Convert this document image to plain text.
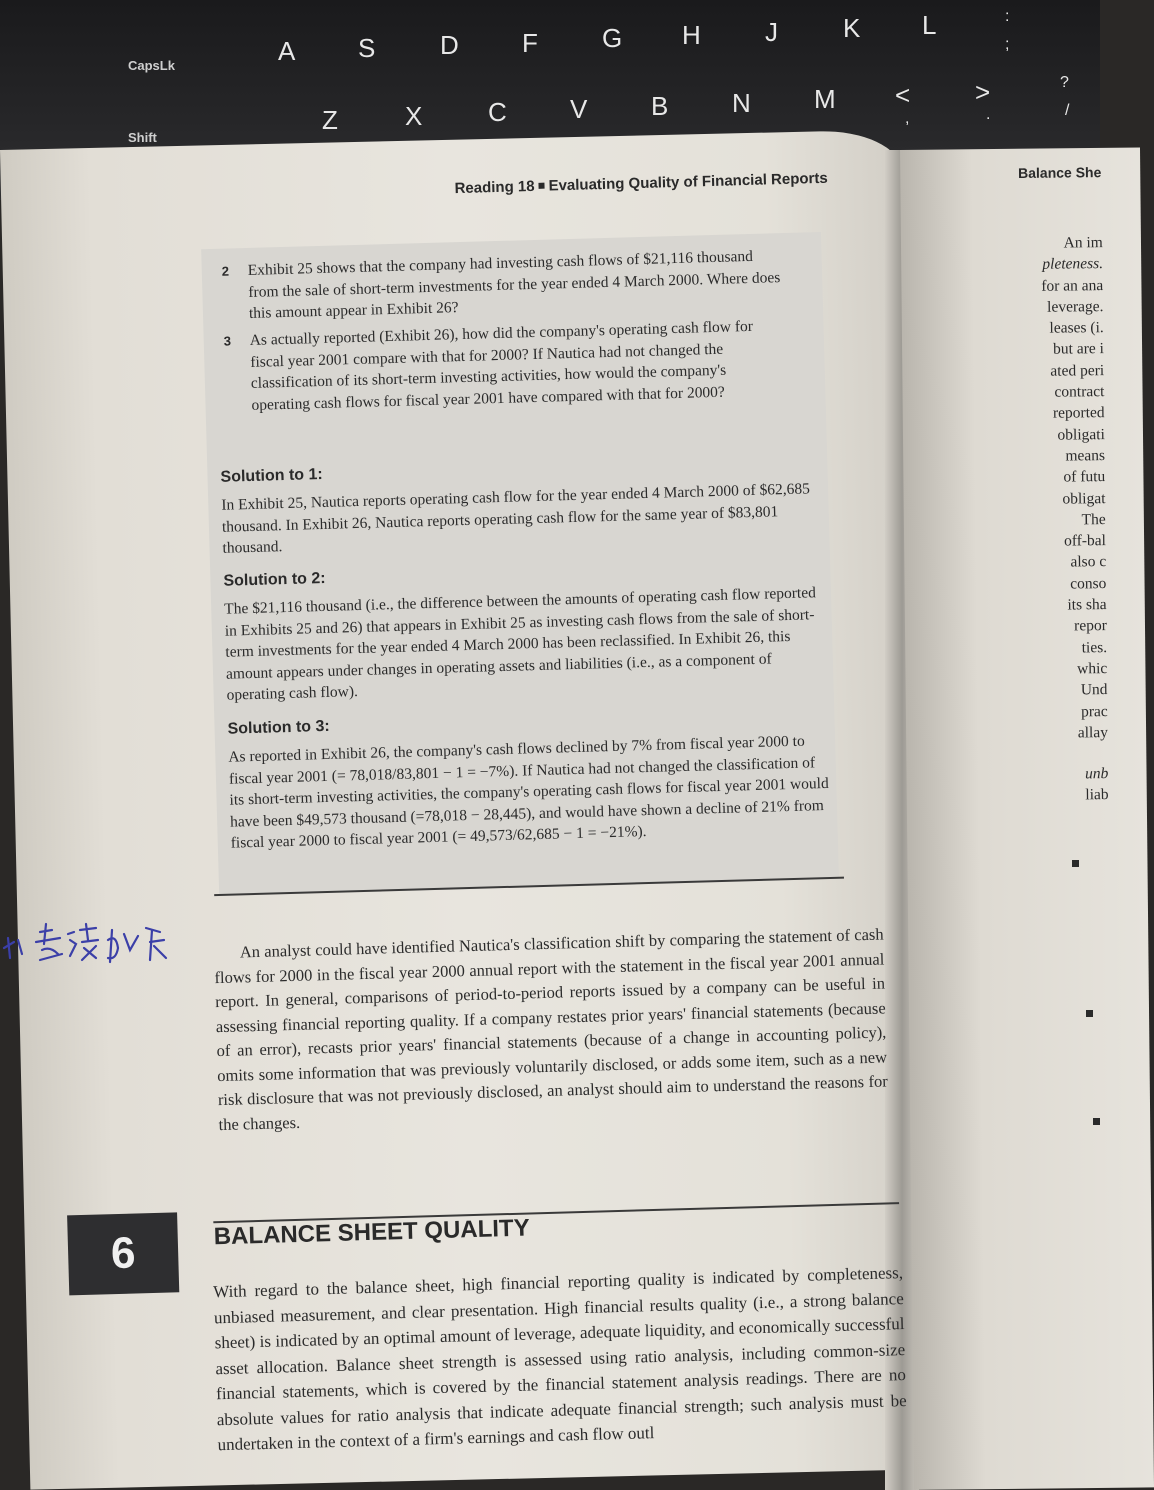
A S D F G H J	K L	:
;
CapsLk
Z	X	C V B N M < >	?
,	.	/
Shift
Reading 18 Evaluating Quality of Financial Reports
2 Exhibit 25 shows that the company had investing cash flows of $21,116 thousand from the sale of short-term investments for the year ended 4 March 2000. Where does this amount appear in Exhibit 26?
3 As actually reported (Exhibit 26), how did the company's operating cash flow for fiscal year 2001 compare with that for 2000? If Nautica had not changed the classification of its short-term investing activities, how would the company's operating cash flows for fiscal year 2001 have compared with that for 2000?
Solution to 1:
In Exhibit 25, Nautica reports operating cash flow for the year ended 4 March 2000 of $62,685 thousand. In Exhibit 26, Nautica reports operating cash flow for the same year of $83,801 thousand.
Solution to 2:
The $21,116 thousand (i.e., the difference between the amounts of operating cash flow reported in Exhibits 25 and 26) that appears in Exhibit 25 as investing cash flows from the sale of short-term investments for the year ended 4 March 2000 has been reclassified. In Exhibit 26, this amount appears under changes in operating assets and liabilities (i.e., as a component of operating cash flow).
Solution to 3:
As reported in Exhibit 26, the company's cash flows declined by 7% from fiscal year 2000 to fiscal year 2001 (= 78,018/83,801 − 1 = −7%). If Nautica had not changed the classification of its short-term investing activities, the company's operating cash flows for fiscal year 2001 would have been $49,573 thousand (=78,018 − 28,445), and would have shown a decline of 21% from fiscal year 2000 to fiscal year 2001 (= 49,573/62,685 − 1 = −21%).
An analyst could have identified Nautica's classification shift by comparing the statement of cash flows for 2000 in the fiscal year 2000 annual report with the statement in the fiscal year 2001 annual report. In general, comparisons of period-to-period reports issued by a company can be useful in assessing financial reporting quality. If a company restates prior years' financial statements (because of an error), recasts prior years' financial statements (because of a change in accounting policy), omits some information that was previously voluntarily disclosed, or adds some item, such as a new risk disclosure that was not previously disclosed, an analyst should aim to understand the reasons for the changes.
6	BALANCE SHEET QUALITY
With regard to the balance sheet, high financial reporting quality is indicated by completeness, unbiased measurement, and clear presentation. High financial results quality (i.e., a strong balance sheet) is indicated by an optimal amount of leverage, adequate liquidity, and economically successful asset allocation. Balance sheet strength is assessed using ratio analysis, including common-size financial statements, which is covered by the financial statement analysis readings. There are no absolute values for ratio analysis that indicate adequate financial strength; such analysis must be undertaken in the context of a firm's earnings and cash flow outl
Balance She
An im
pleteness.
for an ana
leverage.
leases (i.
but are i
ated peri
contract
reported
obligati
means
of futu
obligat
The
off-bal
also c
conso
its sha
repor
ties.
whic
Und
prac
allay
unb
liab
